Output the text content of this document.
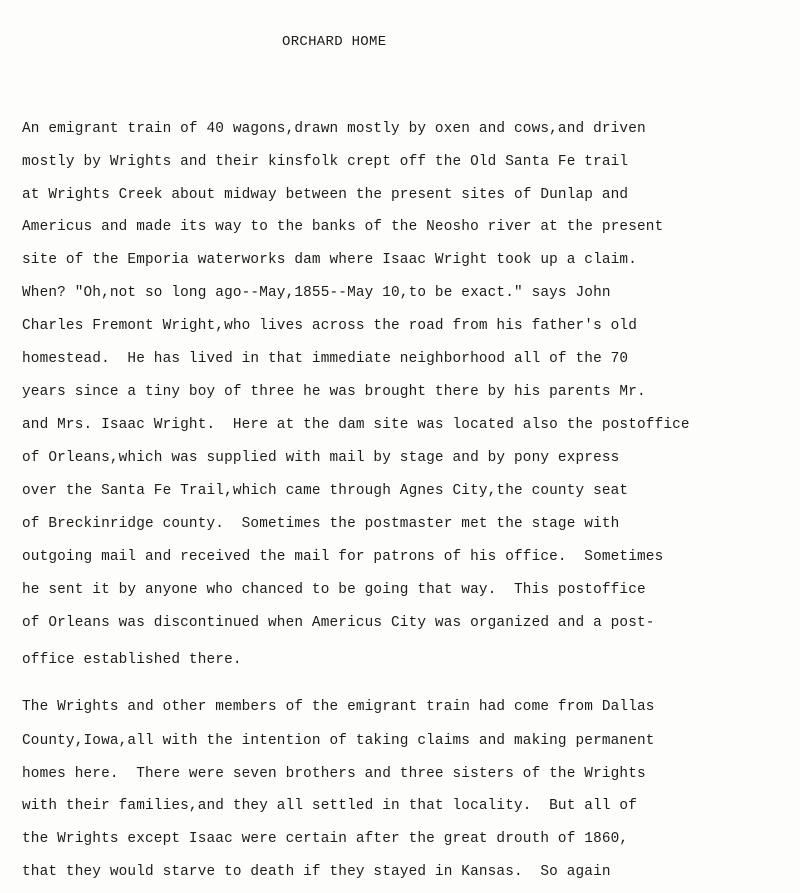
ORCHARD HOME
An emigrant train of 40 wagons,drawn mostly by oxen and cows,and driven
mostly by Wrights and their kinsfolk crept off the Old Santa Fe trail
at Wrights Creek about midway between the present sites of Dunlap and
Americus and made its way to the banks of the Neosho river at the present
site of the Emporia waterworks dam where Isaac Wright took up a claim.
When? "Oh,not so long ago--May,1855--May 10,to be exact." says John
Charles Fremont Wright,who lives across the road from his father's old
homestead.  He has lived in that immediate neighborhood all of the 70
years since a tiny boy of three he was brought there by his parents Mr.
and Mrs. Isaac Wright.  Here at the dam site was located also the postoffice
of Orleans,which was supplied with mail by stage and by pony express
over the Santa Fe Trail,which came through Agnes City,the county seat
of Breckinridge county.  Sometimes the postmaster met the stage with
outgoing mail and received the mail for patrons of his office.  Sometimes
he sent it by anyone who chanced to be going that way.  This postoffice
of Orleans was discontinued when Americus City was organized and a post-
office established there.
The Wrights and other members of the emigrant train had come from Dallas
County,Iowa,all with the intention of taking claims and making permanent
homes here.  There were seven brothers and three sisters of the Wrights
with their families,and they all settled in that locality.  But all of
the Wrights except Isaac were certain after the great drouth of 1860,
that they would starve to death if they stayed in Kansas.  So again
